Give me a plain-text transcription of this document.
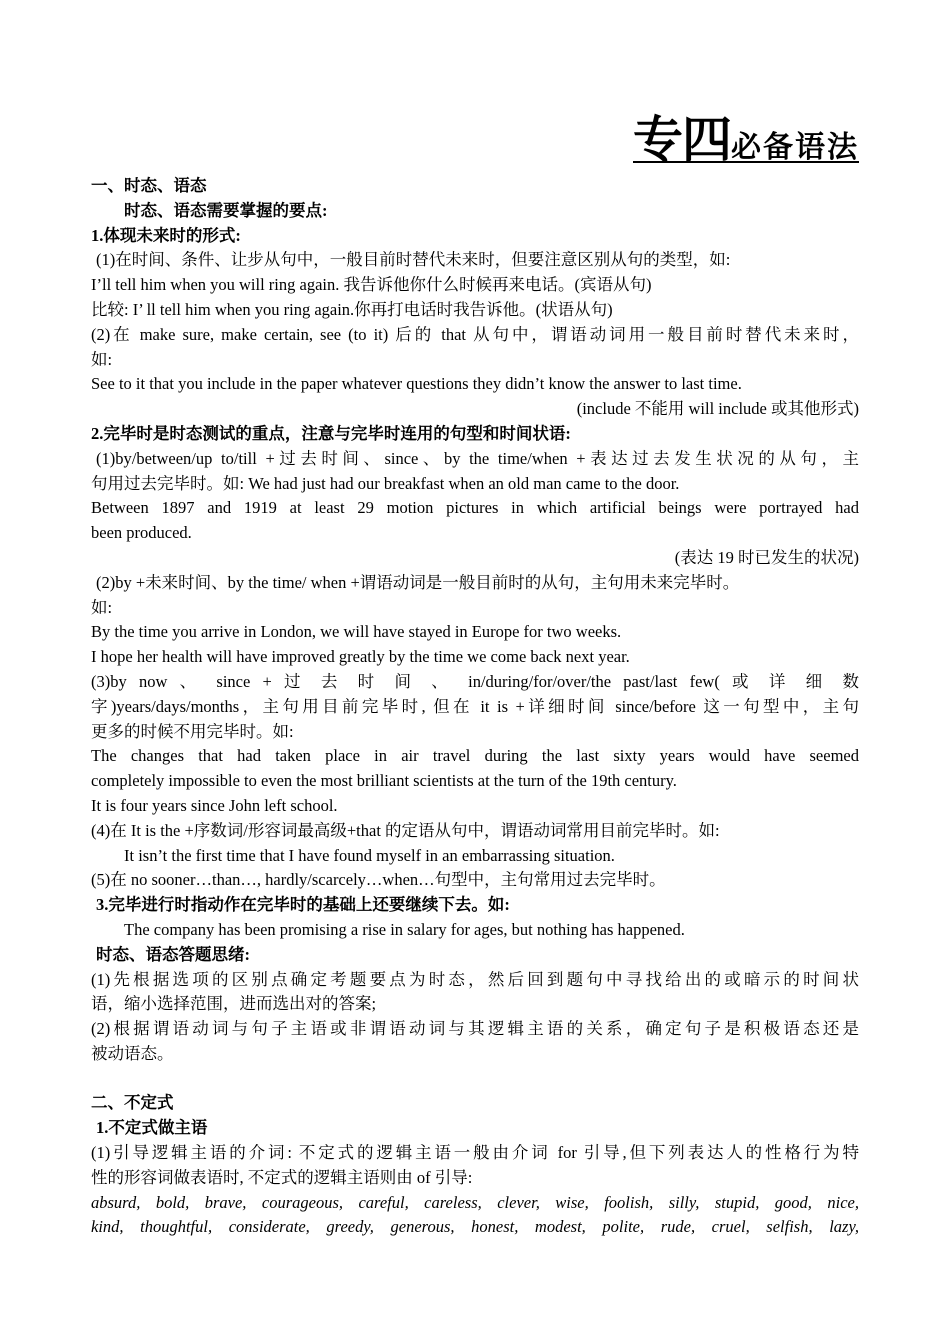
专四必备语法
一、时态、语态
时态、语态需要掌握的要点:
1.体现未来时的形式:
(1)在时间、条件、让步从句中，一般目前时替代未来时，但要注意区别从句的类型，如:
I’ll tell him when you will ring again. 我告诉他你什么时候再来电话。(宾语从句)
比较: I’ ll tell him when you ring again.你再打电话时我告诉他。(状语从句)
(2)在 make sure, make certain, see (to it) 后的 that 从句中，谓语动词用一般目前时替代未来时，
如:
See to it that you include in the paper whatever questions they didn’t know the answer to last time.
(include 不能用 will include 或其他形式)
2.完毕时是时态测试的重点，注意与完毕时连用的句型和时间状语:
(1)by/between/up to/till +过去时间、since、by the time/when +表达过去发生状况的从句，主
句用过去完毕时。如: We had just had our breakfast when an old man came to the door.
Between 1897 and 1919 at least 29 motion pictures in which artificial beings were portrayed had
been produced.
(表达 19 时已发生的状况)
(2)by +未来时间、by the time/ when +谓语动词是一般目前时的从句，主句用未来完毕时。
如:
By the time you arrive in London, we will have stayed in Europe for two weeks.
I hope her health will have improved greatly by the time we come back next year.
(3)by now 、 since + 过 去 时 间 、 in/during/for/over/the past/last few( 或 详 细 数
字)years/days/months，主句用目前完毕时, 但在 it is +详细时间 since/before 这一句型中，主句
更多的时候不用完毕时。如:
The changes that had taken place in air travel during the last sixty years would have seemed
completely impossible to even the most brilliant scientists at the turn of the 19th century.
It is four years since John left school.
(4)在 It is the +序数词/形容词最高级+that 的定语从句中，谓语动词常用目前完毕时。如:
It isn’t the first time that I have found myself in an embarrassing situation.
(5)在 no sooner…than…, hardly/scarcely…when…句型中，主句常用过去完毕时。
3.完毕进行时指动作在完毕时的基础上还要继续下去。如:
The company has been promising a rise in salary for ages, but nothing has happened.
时态、语态答题思绪:
(1)先根据选项的区别点确定考题要点为时态，然后回到题句中寻找给出的或暗示的时间状
语，缩小选择范围，进而选出对的答案;
(2)根据谓语动词与句子主语或非谓语动词与其逻辑主语的关系，确定句子是积极语态还是
被动语态。
二、不定式
1.不定式做主语
(1)引导逻辑主语的介词: 不定式的逻辑主语一般由介词 for 引导,但下列表达人的性格行为特
性的形容词做表语时, 不定式的逻辑主语则由 of 引导:
absurd, bold, brave, courageous, careful, careless, clever, wise, foolish, silly, stupid, good, nice,
kind, thoughtful, considerate, greedy, generous, honest, modest, polite, rude, cruel, selfish, lazy,
